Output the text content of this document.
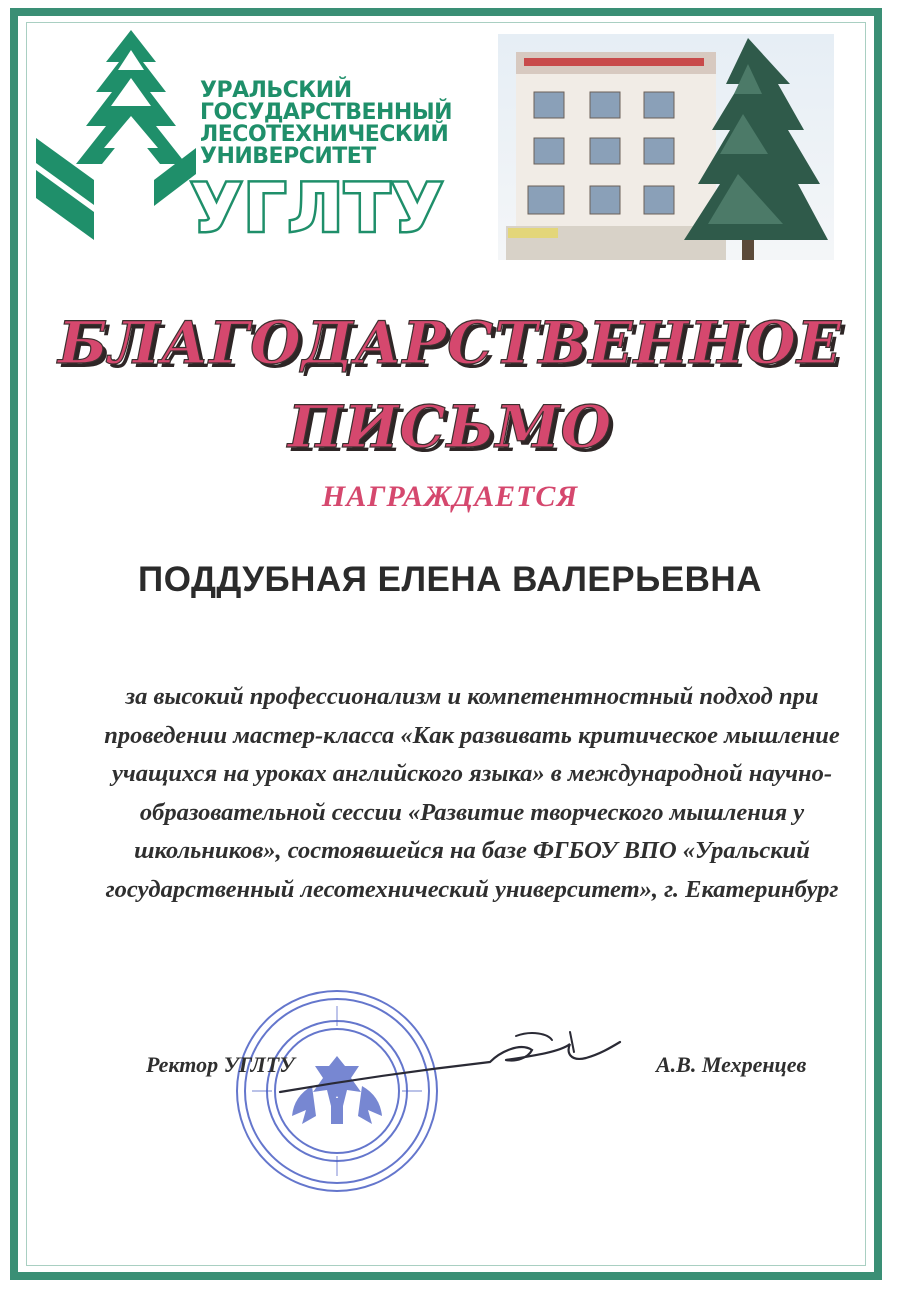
УРАЛЬСКИЙ
ГОСУДАРСТВЕННЫЙ
ЛЕСОТЕХНИЧЕСКИЙ
УНИВЕРСИТЕТ
УГЛТУ
БЛАГОДАРСТВЕННОЕ
ПИСЬМО
НАГРАЖДАЕТСЯ
ПОДДУБНАЯ ЕЛЕНА ВАЛЕРЬЕВНА
за высокий профессионализм и компетентностный подход при
проведении мастер-класса «Как развивать критическое мышление
учащихся на уроках английского языка» в международной научно-
образовательной сессии «Развитие творческого мышления у
школьников», состоявшейся на базе ФГБОУ ВПО «Уральский
государственный лесотехнический университет», г. Екатеринбург
Ректор УГЛТУ	А.В. Мехренцев
